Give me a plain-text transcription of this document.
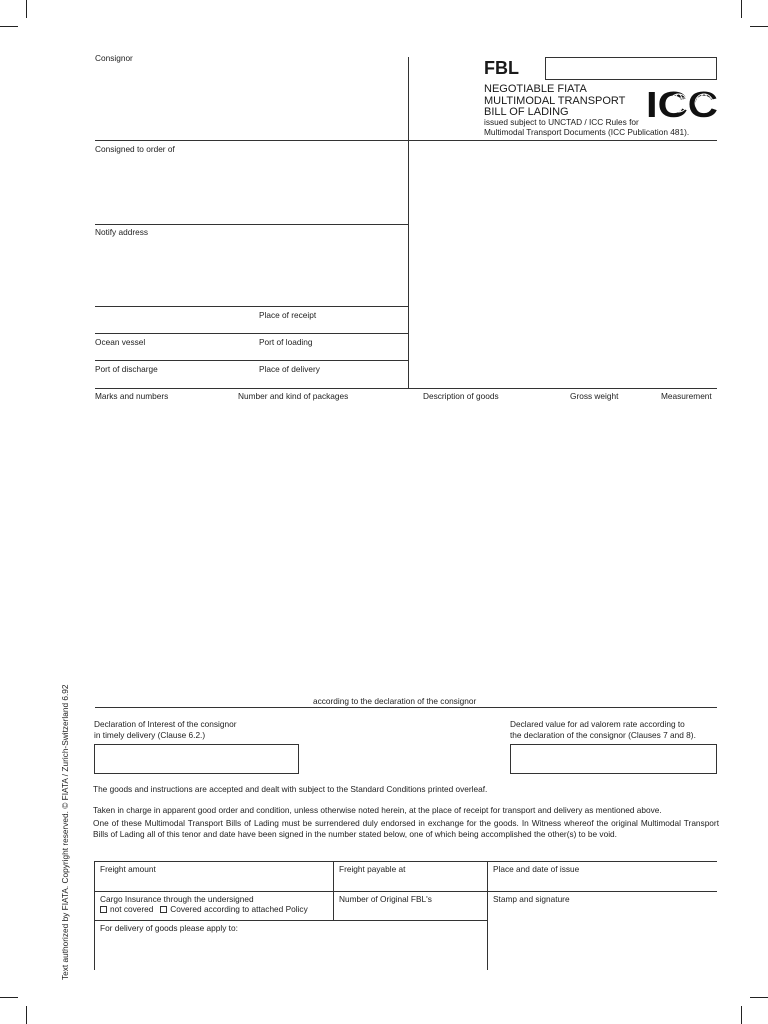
FBL
NEGOTIABLE FIATA
MULTIMODAL TRANSPORT
BILL OF LADING
issued subject to UNCTAD / ICC Rules for
Multimodal Transport Documents (ICC Publication 481).
ICC
Consignor
Consigned to order of
Notify address
Place of receipt
Ocean vessel	Port of loading
Port of discharge	Place of delivery
Marks and numbers	Number and kind of packages	Description of goods	Gross weight	Measurement
according to the declaration of the consignor
Declaration of Interest of the consignor
in timely delivery (Clause 6.2.)
Declared value for ad valorem rate according to
the declaration of the consignor (Clauses 7 and 8).
The goods and instructions are accepted and dealt with subject to the Standard Conditions printed overleaf.
Taken in charge in apparent good order and condition, unless otherwise noted herein, at the place of receipt for transport and delivery as mentioned above.
One of these Multimodal Transport Bills of Lading must be surrendered duly endorsed in exchange for the goods. In Witness whereof the original Multimodal Transport Bills of Lading all of this tenor and date have been signed in the number stated below, one of which being accomplished the other(s) to be void.
Freight amount	Freight payable at	Place and date of issue
Cargo Insurance through the undersigned
not covered Covered according to attached Policy
Number of Original FBL's	Stamp and signature
For delivery of goods please apply to:
Text authorized by FIATA. Copyright reserved. © FIATA / Zurich-Switzerland 6.92
